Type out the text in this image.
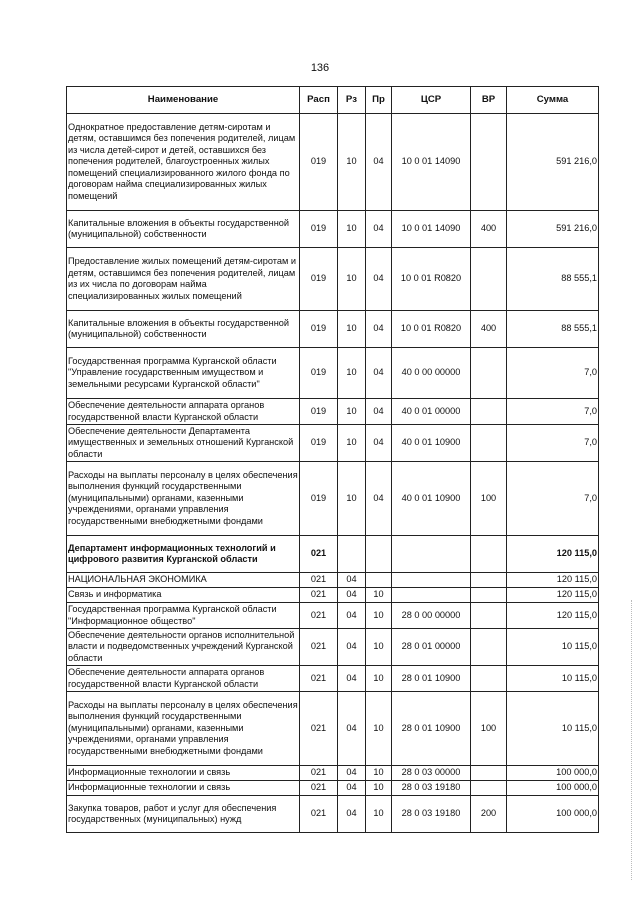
136
Наименование	Расп	Рз	Пр	ЦСР	ВР	Сумма
Однократное предоставление детям-сиротам и детям, оставшимся без попечения родителей, лицам из числа детей-сирот и детей, оставшихся без попечения родителей, благоустроенных жилых помещений специализированного жилого фонда по договорам найма специализированных жилых помещений	019	10	04	10 0 01 14090		591 216,0
Капитальные вложения в объекты государственной (муниципальной) собственности	019	10	04	10 0 01 14090	400	591 216,0
Предоставление жилых помещений детям-сиротам и детям, оставшимся без попечения родителей, лицам из их числа по договорам найма специализированных жилых помещений	019	10	04	10 0 01 R0820		88 555,1
Капитальные вложения в объекты государственной (муниципальной) собственности	019	10	04	10 0 01 R0820	400	88 555,1
Государственная программа Курганской области "Управление государственным имуществом и земельными ресурсами Курганской области"	019	10	04	40 0 00 00000		7,0
Обеспечение деятельности аппарата органов государственной власти Курганской области	019	10	04	40 0 01 00000		7,0
Обеспечение деятельности Департамента имущественных и земельных отношений Курганской области	019	10	04	40 0 01 10900		7,0
Расходы на выплаты персоналу в целях обеспечения выполнения функций государственными (муниципальными) органами, казенными учреждениями, органами управления государственными внебюджетными фондами	019	10	04	40 0 01 10900	100	7,0
Департамент информационных технологий и цифрового развития Курганской области	021					120 115,0
НАЦИОНАЛЬНАЯ ЭКОНОМИКА	021	04				120 115,0
Связь и информатика	021	04	10			120 115,0
Государственная программа Курганской области "Информационное общество"	021	04	10	28 0 00 00000		120 115,0
Обеспечение деятельности органов исполнительной власти и подведомственных учреждений Курганской области	021	04	10	28 0 01 00000		10 115,0
Обеспечение деятельности аппарата органов государственной власти Курганской области	021	04	10	28 0 01 10900		10 115,0
Расходы на выплаты персоналу в целях обеспечения выполнения функций государственными (муниципальными) органами, казенными учреждениями, органами управления государственными внебюджетными фондами	021	04	10	28 0 01 10900	100	10 115,0
Информационные технологии и связь	021	04	10	28 0 03 00000		100 000,0
Информационные технологии и связь	021	04	10	28 0 03 19180		100 000,0
Закупка товаров, работ и услуг для обеспечения государственных (муниципальных) нужд	021	04	10	28 0 03 19180	200	100 000,0
